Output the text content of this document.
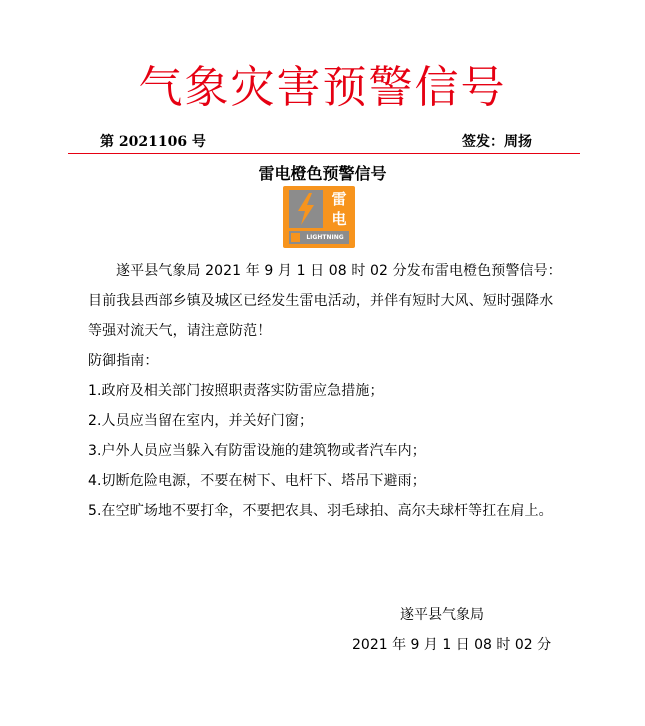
气象灾害预警信号
第 2021106 号	签发：周扬
雷电橙色预警信号
雷
电
LIGHTNING

遂平县气象局 2021 年 9 月 1 日 08 时 02 分发布雷电橙色预警信号：目前我县西部乡镇及城区已经发生雷电活动，并伴有短时大风、短时强降水等强对流天气，请注意防范！

防御指南：

1.政府及相关部门按照职责落实防雷应急措施；

2.人员应当留在室内，并关好门窗；

3.户外人员应当躲入有防雷设施的建筑物或者汽车内；

4.切断危险电源，不要在树下、电杆下、塔吊下避雨；

5.在空旷场地不要打伞，不要把农具、羽毛球拍、高尔夫球杆等扛在肩上。

遂平县气象局
2021 年 9 月 1 日 08 时 02 分
